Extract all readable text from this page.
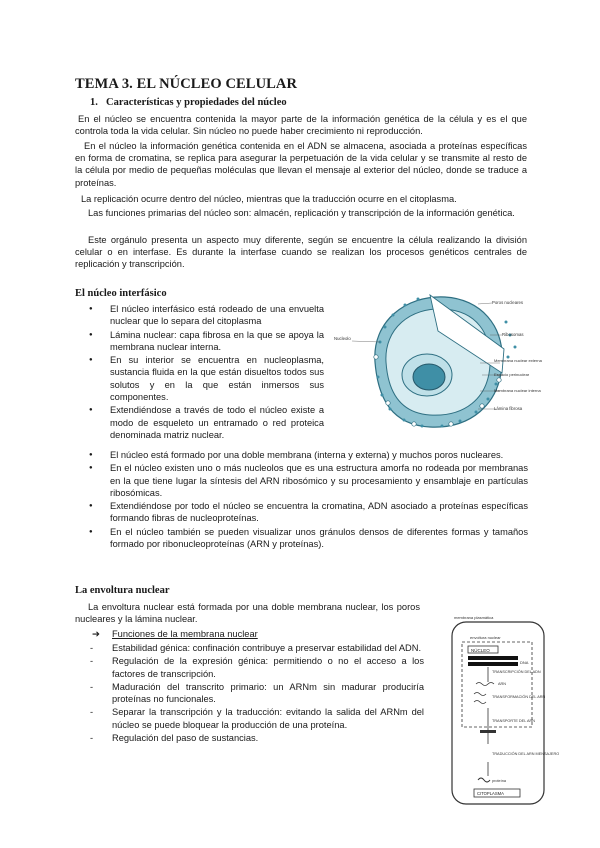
TEMA 3. EL NÚCLEO CELULAR
1. Características y propiedades del núcleo

En el núcleo se encuentra contenida la mayor parte de la información genética de la célula y es el que controla toda la vida celular. Sin núcleo no puede haber crecimiento ni reproducción.

En el núcleo la información genética contenida en el ADN se almacena, asociada a proteínas específicas en forma de cromatina, se replica para asegurar la perpetuación de la vida celular y se transmite al resto de la célula por medio de pequeñas moléculas que llevan el mensaje al exterior del núcleo, donde se traduce a proteínas.

La replicación ocurre dentro del núcleo, mientras que la traducción ocurre en el citoplasma.

Las funciones primarias del núcleo son: almacén, replicación y transcripción de la información genética.

Este orgánulo presenta un aspecto muy diferente, según se encuentre la célula realizando la división celular o en interfase. Es durante la interfase cuando se realizan los procesos genéticos centrales de replicación y transcripción.

El núcleo interfásico
● El núcleo interfásico está rodeado de una envuelta nuclear que lo separa del citoplasma
● Lámina nuclear: capa fibrosa en la que se apoya la membrana nuclear interna.
● En su interior se encuentra en nucleoplasma, sustancia fluida en la que están disueltos todos sus solutos y en la que están inmersos sus componentes.
● Extendiéndose a través de todo el núcleo existe a modo de esqueleto un entramado o red proteica denominada matriz nuclear.
● El núcleo está formado por una doble membrana (interna y externa) y muchos poros nucleares.
● En el núcleo existen uno o más nucleolos que es una estructura amorfa no rodeada por membranas en la que tiene lugar la síntesis del ARN ribosómico y su procesamiento y ensamblaje en partículas ribosómicas.
● Extendiéndose por todo el núcleo se encuentra la cromatina, ADN asociado a proteínas específicas formando fibras de nucleoproteínas.
● En el núcleo también se pueden visualizar unos gránulos densos de diferentes formas y tamaños formado por ribonucleoproteínas (ARN y proteínas).
Poros nucleares
Nucleolo
Ribosomas
Membrana nuclear externa
Espacio perinuclear
Membrana nuclear interna
Lámina fibrosa
La envoltura nuclear

La envoltura nuclear está formada por una doble membrana nuclear, los poros nucleares y la lámina nuclear.

➔ Funciones de la membrana nuclear
- Estabilidad génica: confinación contribuye a preservar estabilidad del ADN.
- Regulación de la expresión génica: permitiendo o no el acceso a los factores de transcripción.
- Maduración del transcrito primario: un ARNm sin madurar produciría proteínas no funcionales.
- Separar la transcripción y la traducción: evitando la salida del ARNm del núcleo se puede bloquear la producción de una proteína.
- Regulación del paso de sustancias.
membrana plasmática
envoltura nuclear
NÚCLEO
DNA
TRANSCRIPCIÓN DEL ADN
ARN
TRANSFORMACIÓN DEL ARN
TRANSPORTE DEL ARN
TRADUCCIÓN DEL ARN MENSAJERO
proteína
CITOPLASMA
